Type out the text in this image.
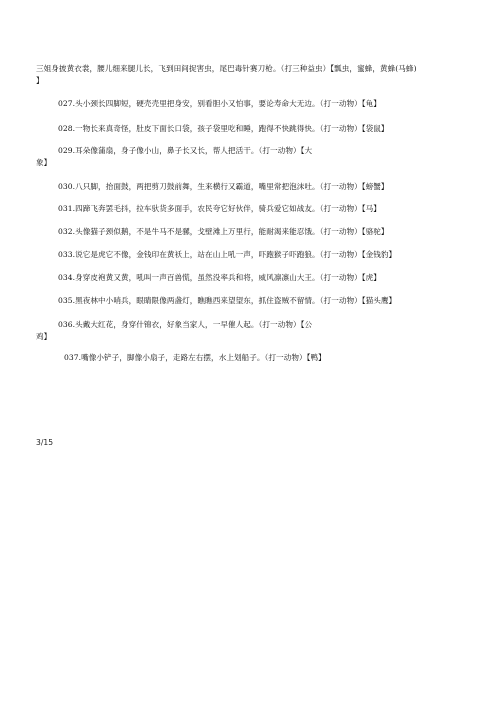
三姐身披黄衣裳，腰儿细来腿儿长，飞到田间捉害虫，尾巴毒针赛刀枪。（打三种益虫）【瓢虫，蜜蜂，黄蜂(马蜂)
】
027.头小颈长四脚短，硬壳壳里把身安，别看胆小又怕事，要论寿命大无边。（打一动物）【龟】
028.一物长来真奇怪，肚皮下面长口袋，孩子袋里吃和睡，跑得不快跳得快。（打一动物）【袋鼠】
029.耳朵像蒲扇，身子像小山，鼻子长又长，帮人把活干。（打一动物）【大
象】
030.八只脚，抬面鼓，两把剪刀鼓前舞，生来横行又霸道，嘴里常把泡沫吐。（打一动物）【螃蟹】
031.四蹄飞奔罢毛抖，拉车驮货多面手，农民夸它好伙伴，骑兵爱它如战友。（打一动物）【马】
032.头像猫子颈似鹅，不是牛马不是骡，戈壁滩上万里行，能耐渴来能忍饿。（打一动物）【骆驼】
033.说它是虎它不像，金钱印在黄袄上，站在山上吼一声，吓跑猴子吓跑狼。（打一动物）【金钱豹】
034.身穿皮袍黄又黄，吼叫一声百兽慌，虽然没率兵和将，威风凛凛山大王。（打一动物）【虎】
035.黑夜林中小哨兵，眼睛限像两盏灯，瞧瞧西来望望东，抓住盗贼不留情。（打一动物）【猫头鹰】
036.头戴大红花，身穿什锦衣，好象当家人，一早催人起。（打一动物）【公
鸡】
037.嘴像小铲子，脚像小扇子，走路左右摆，水上划船子。（打一动物）【鸭】
3/15
